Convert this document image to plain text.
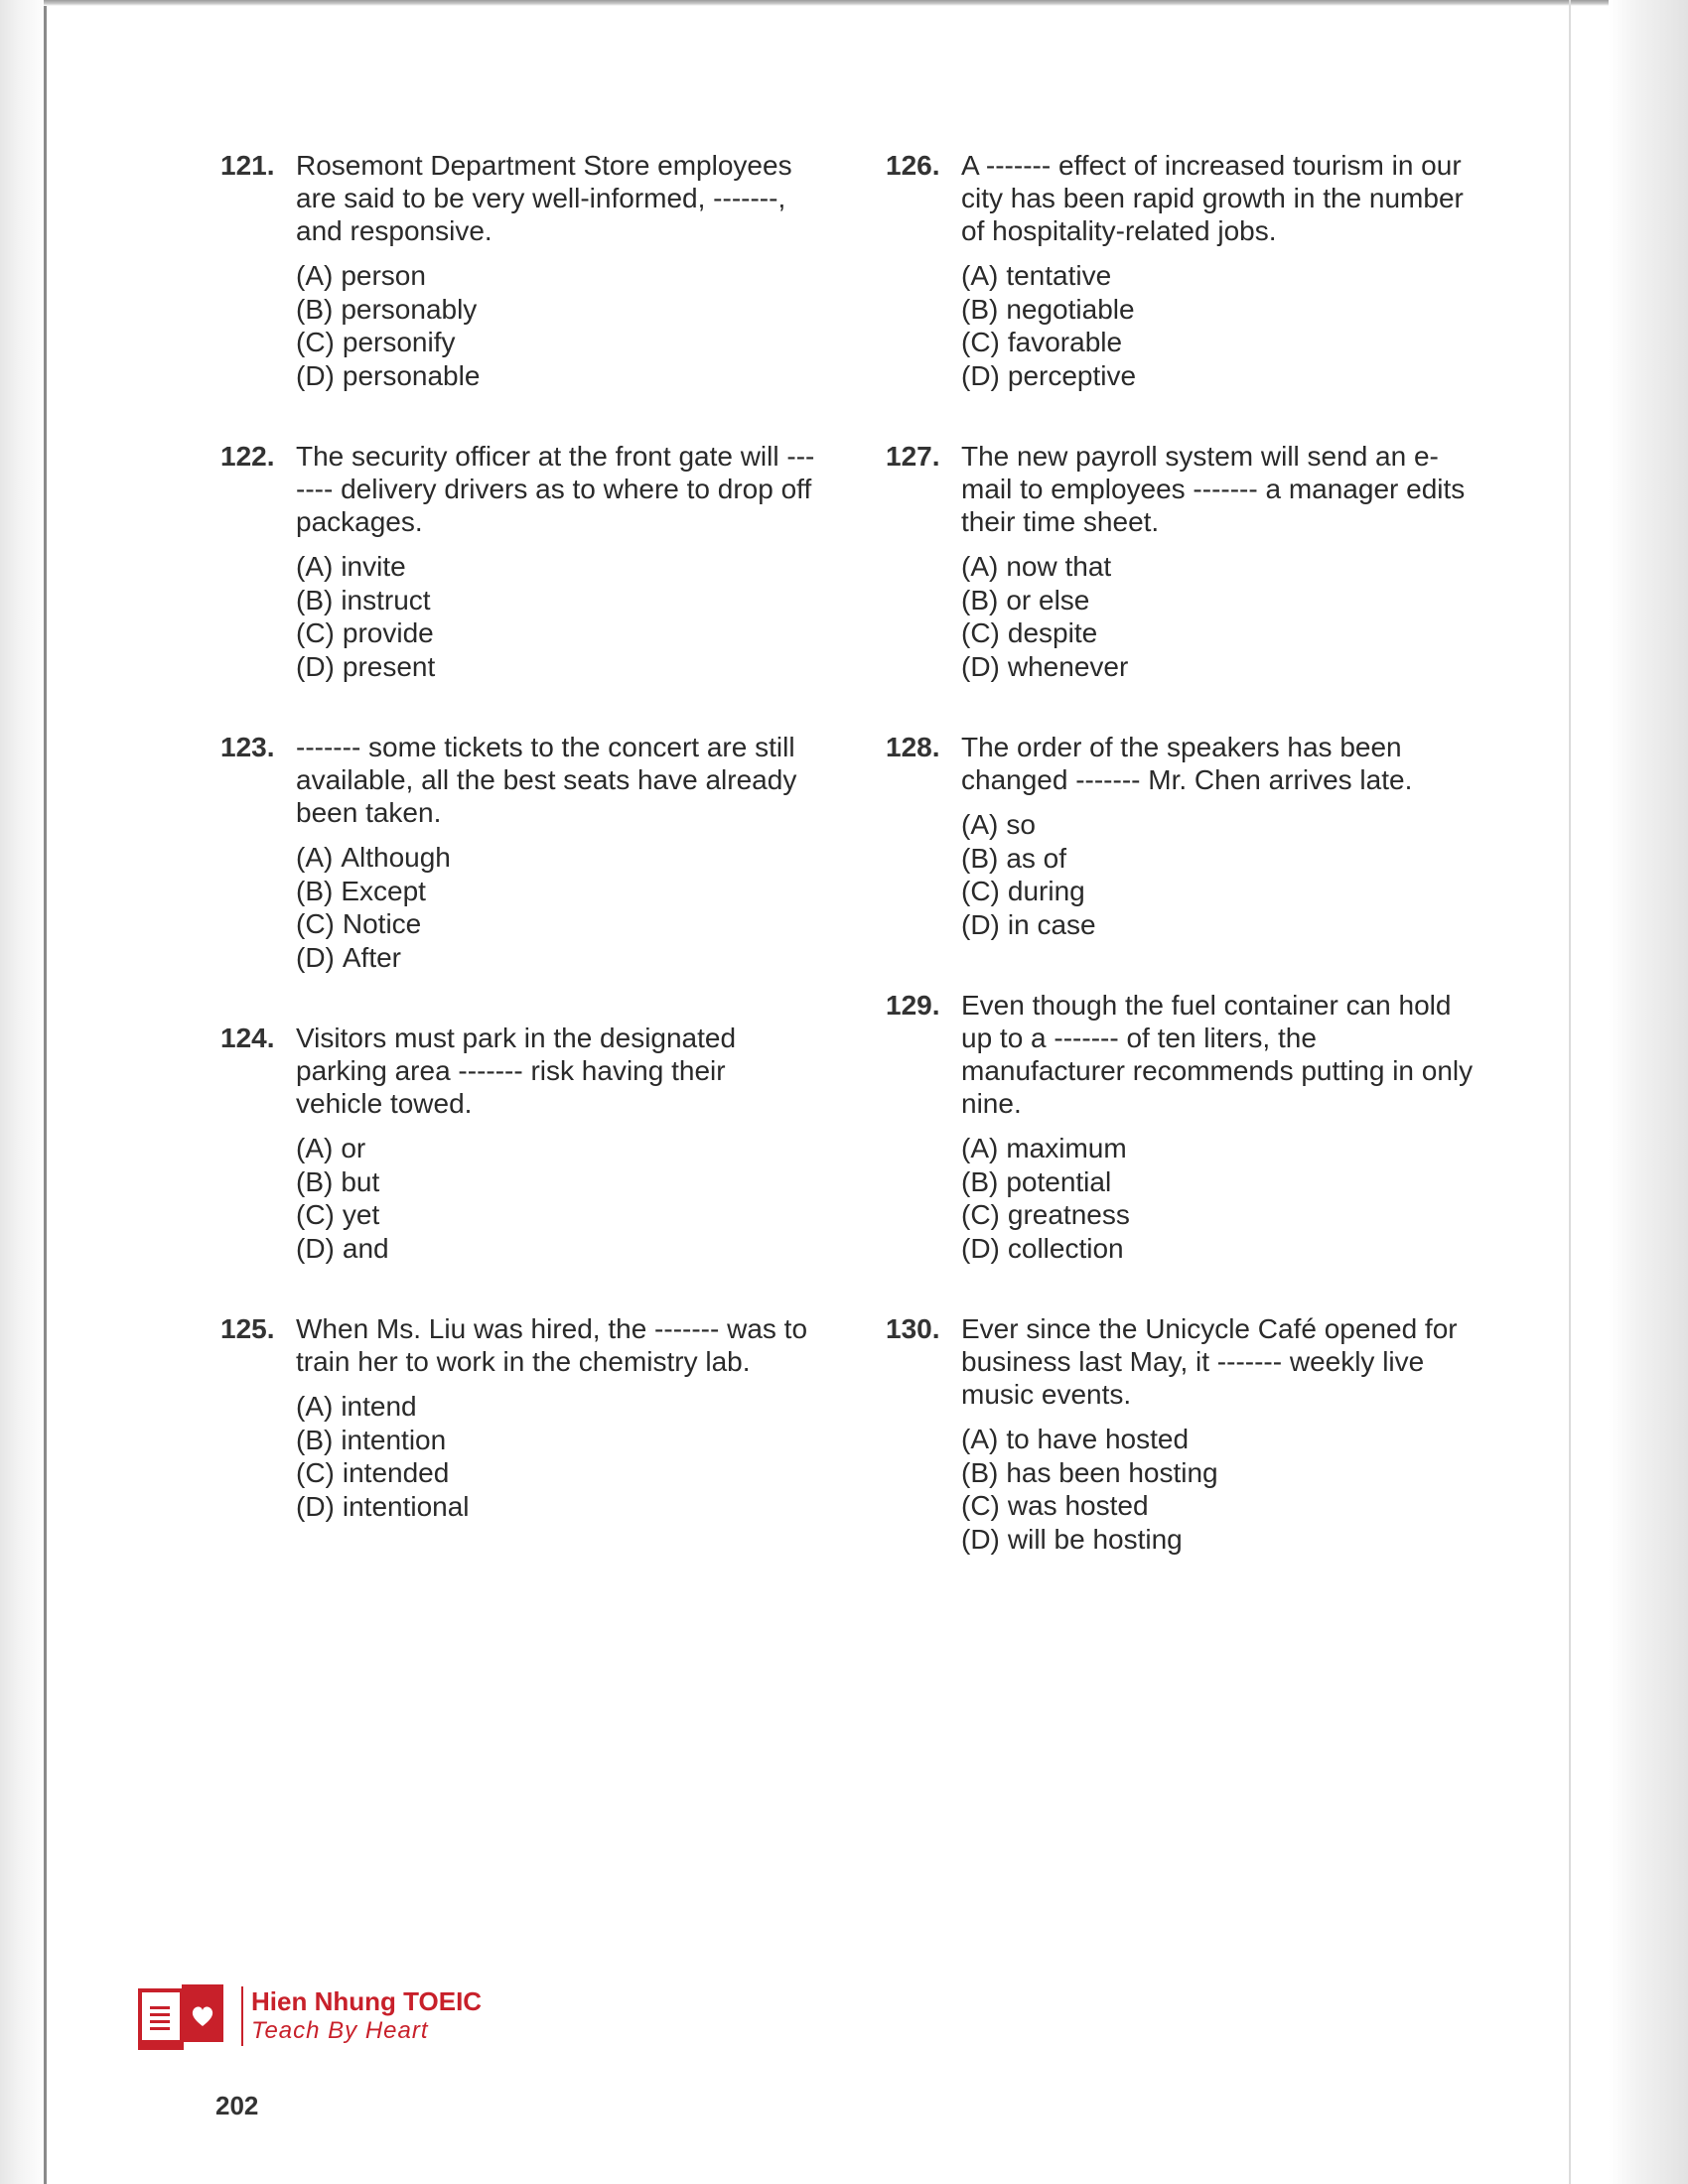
121. Rosemont Department Store employees are said to be very well-informed, -------, and responsive.

(A) person
(B) personably
(C) personify
(D) personable
122. The security officer at the front gate will ------- delivery drivers as to where to drop off packages.

(A) invite
(B) instruct
(C) provide
(D) present
123. ------- some tickets to the concert are still available, all the best seats have already been taken.

(A) Although
(B) Except
(C) Notice
(D) After
124. Visitors must park in the designated parking area ------- risk having their vehicle towed.

(A) or
(B) but
(C) yet
(D) and
125. When Ms. Liu was hired, the ------- was to train her to work in the chemistry lab.

(A) intend
(B) intention
(C) intended
(D) intentional
126. A ------- effect of increased tourism in our city has been rapid growth in the number of hospitality-related jobs.

(A) tentative
(B) negotiable
(C) favorable
(D) perceptive
127. The new payroll system will send an e-mail to employees ------- a manager edits their time sheet.

(A) now that
(B) or else
(C) despite
(D) whenever
128. The order of the speakers has been changed ------- Mr. Chen arrives late.

(A) so
(B) as of
(C) during
(D) in case
129. Even though the fuel container can hold up to a ------- of ten liters, the manufacturer recommends putting in only nine.

(A) maximum
(B) potential
(C) greatness
(D) collection
130. Ever since the Unicycle Café opened for business last May, it ------- weekly live music events.

(A) to have hosted
(B) has been hosting
(C) was hosted
(D) will be hosting
Hien Nhung TOEIC
Teach By Heart
202
